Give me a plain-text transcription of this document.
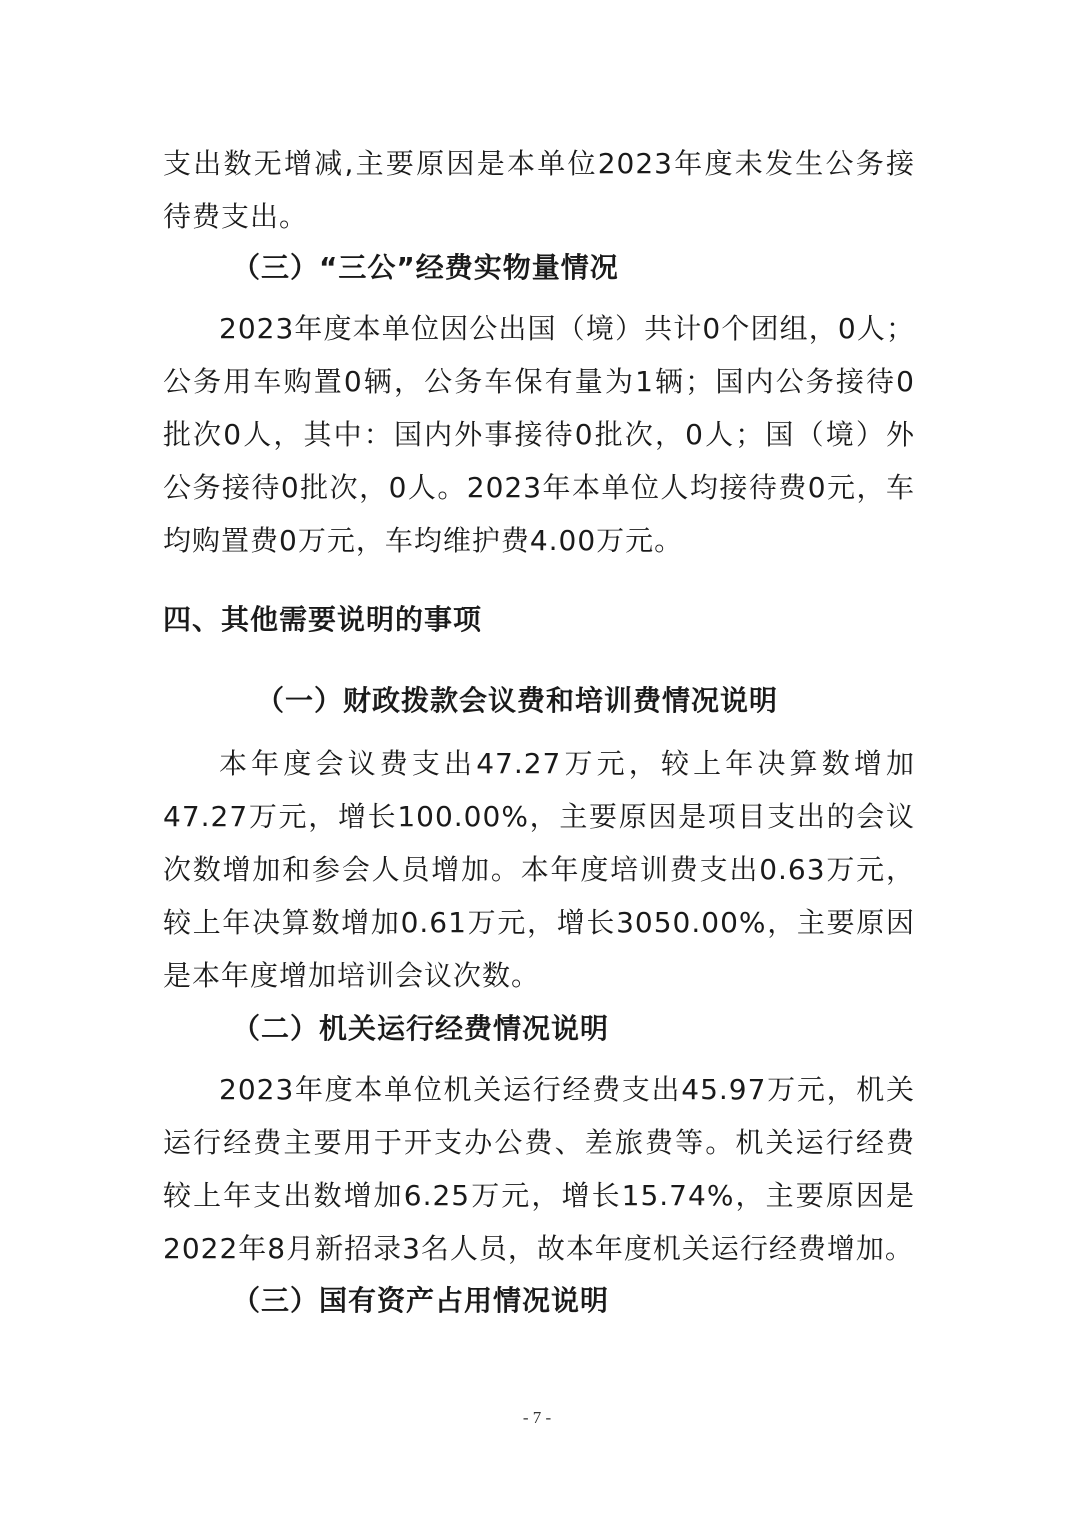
支出数无增减,主要原因是本单位2023年度未发生公务接待费支出。

（三）“三公”经费实物量情况

2023年度本单位因公出国（境）共计0个团组，0人；公务用车购置0辆，公务车保有量为1辆；国内公务接待0批次0人，其中：国内外事接待0批次，0人；国（境）外公务接待0批次，0人。2023年本单位人均接待费0元，车均购置费0万元，车均维护费4.00万元。

四、其他需要说明的事项
（一）财政拨款会议费和培训费情况说明

本年度会议费支出47.27万元，较上年决算数增加47.27万元，增长100.00%，主要原因是项目支出的会议次数增加和参会人员增加。本年度培训费支出0.63万元，较上年决算数增加0.61万元，增长3050.00%，主要原因是本年度增加培训会议次数。

（二）机关运行经费情况说明

2023年度本单位机关运行经费支出45.97万元，机关运行经费主要用于开支办公费、差旅费等。机关运行经费较上年支出数增加6.25万元，增长15.74%，主要原因是2022年8月新招录3名人员，故本年度机关运行经费增加。

（三）国有资产占用情况说明
- 7 -
